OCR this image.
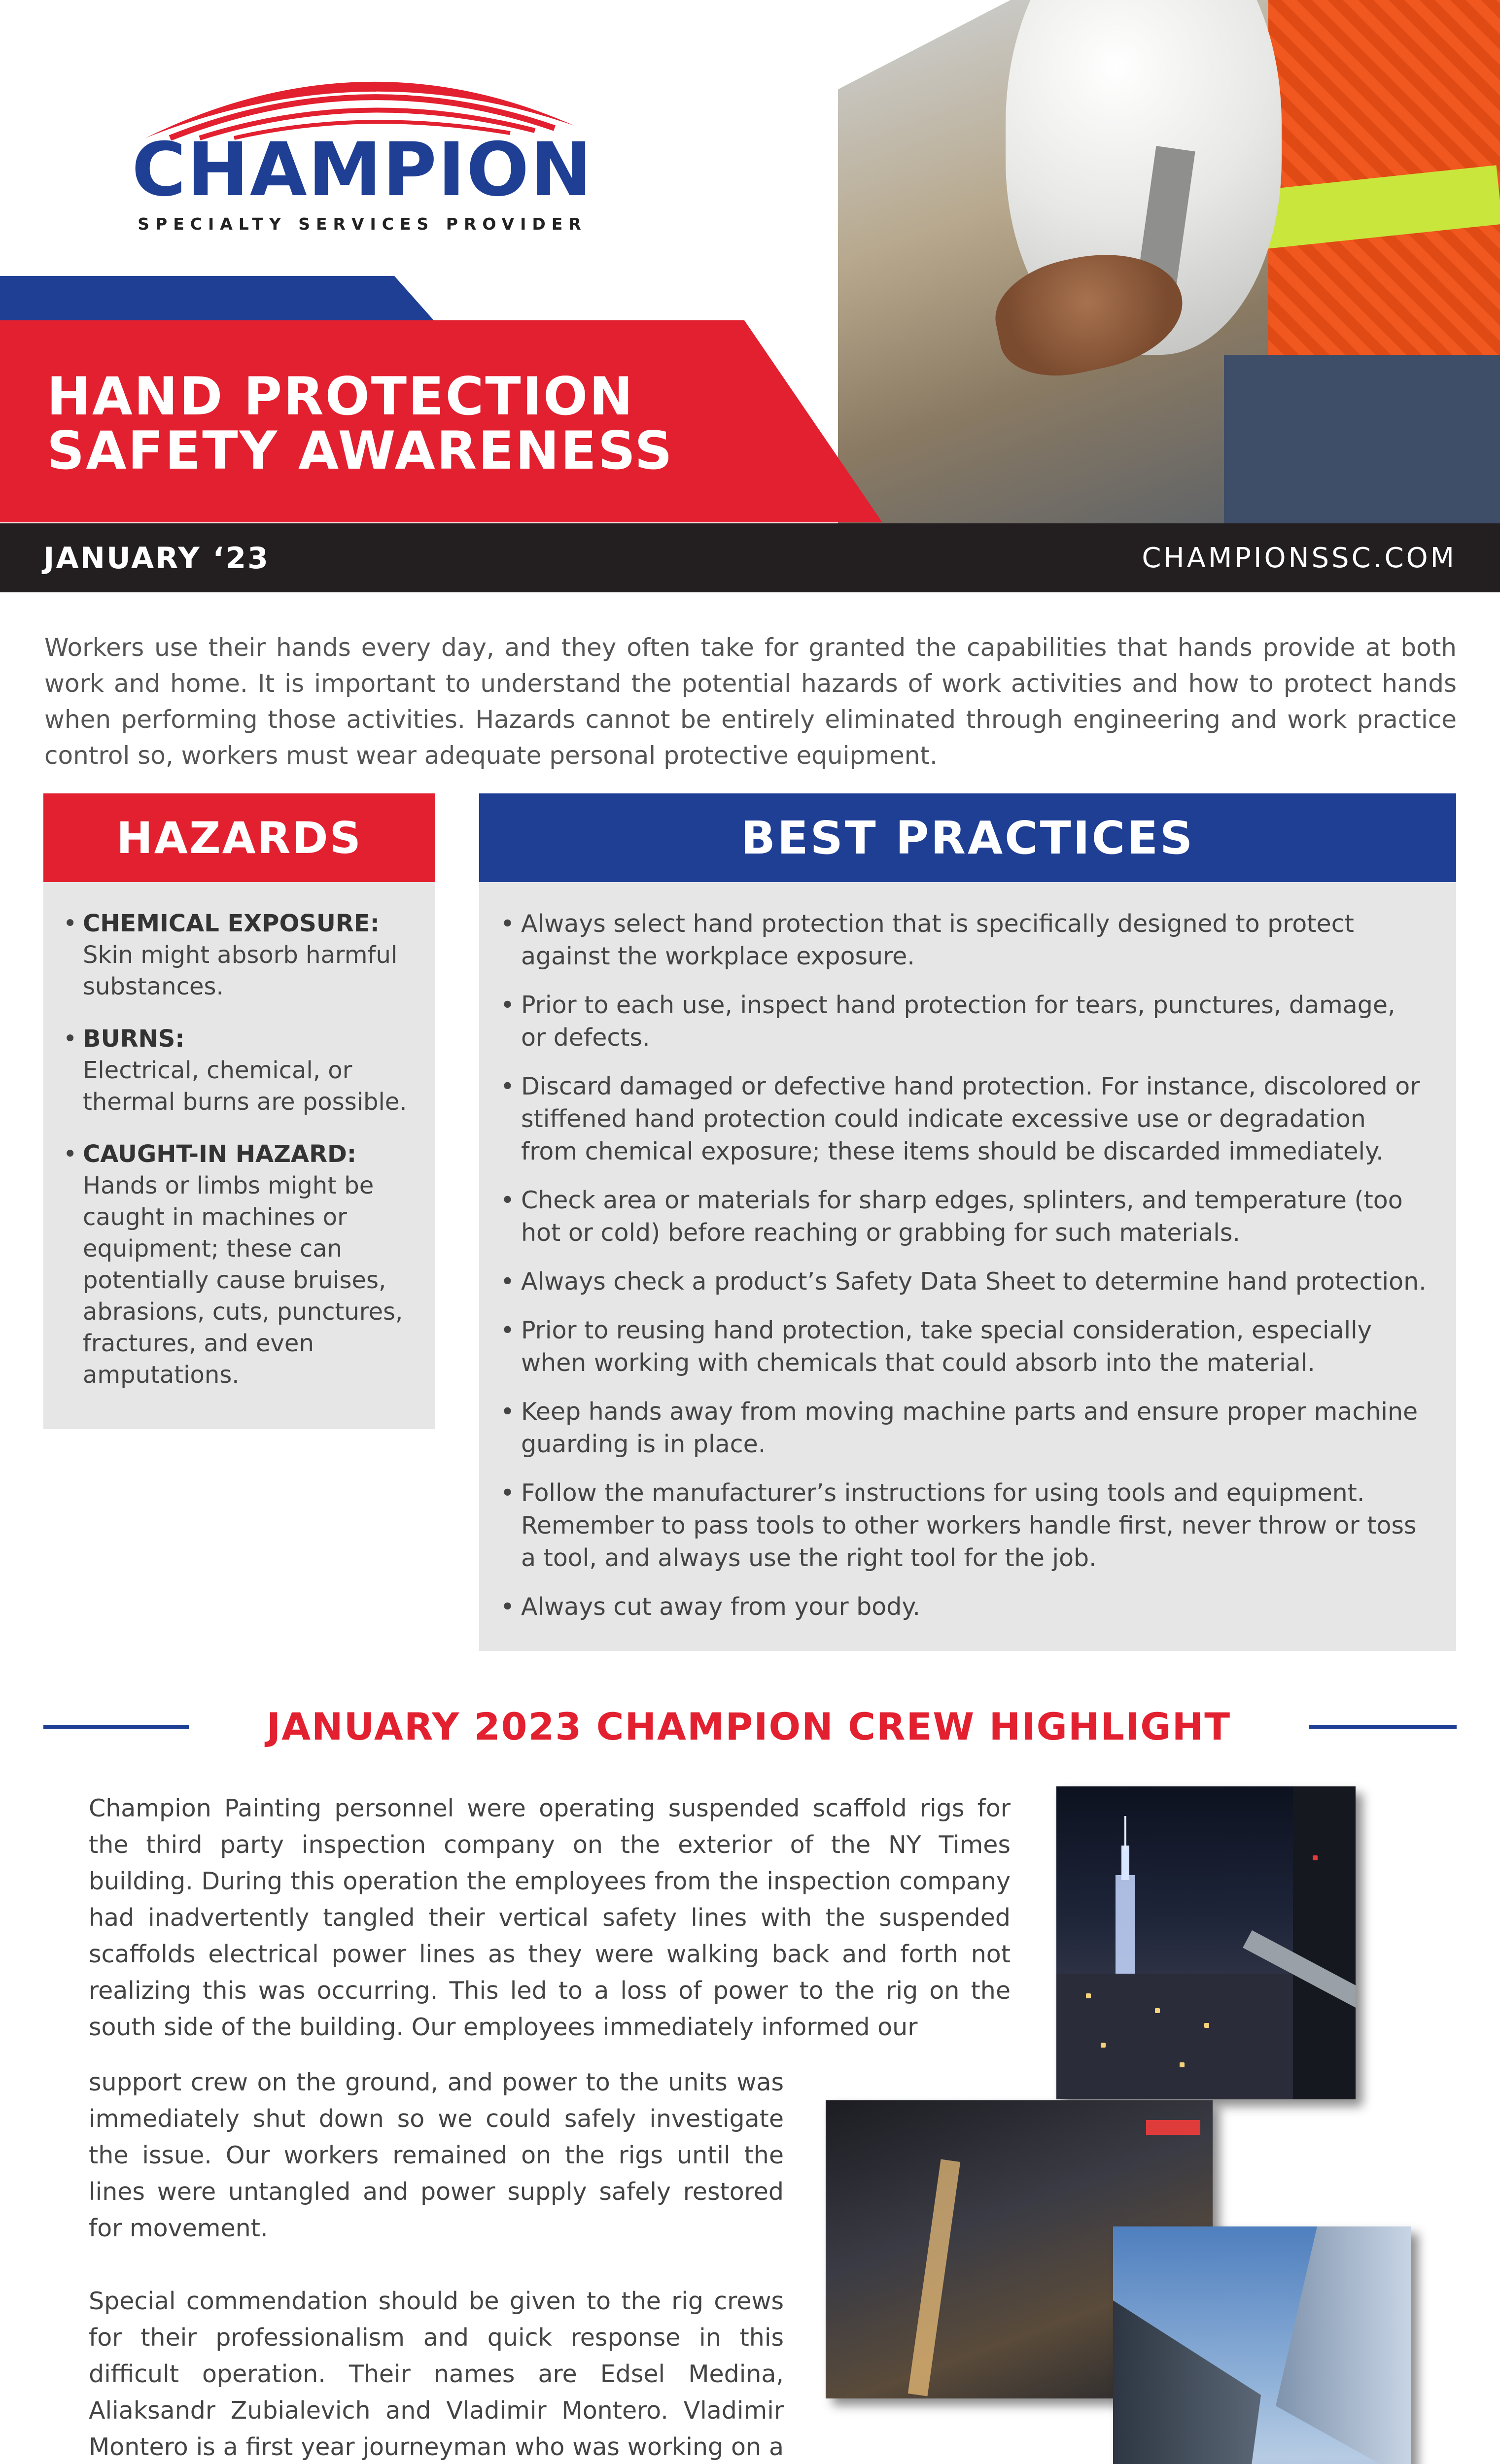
CHAMPION
SPECIALTY SERVICES PROVIDER
HAND PROTECTION
SAFETY AWARENESS
JANUARY ‘23	CHAMPIONSSC.COM

Workers use their hands every day, and they often take for granted the capabilities that hands provide at both work and home. It is important to understand the potential hazards of work activities and how to protect hands when performing those activities. Hazards cannot be entirely eliminated through engineering and work practice control so, workers must wear adequate personal protective equipment.

HAZARDS
• CHEMICAL EXPOSURE:
Skin might absorb harmful substances.
• BURNS:
Electrical, chemical, or thermal burns are possible.
• CAUGHT-IN HAZARD:
Hands or limbs might be caught in machines or equipment; these can potentially cause bruises, abrasions, cuts, punctures, fractures, and even amputations.
BEST PRACTICES
• Always select hand protection that is specifically designed to protect against the workplace exposure.
• Prior to each use, inspect hand protection for tears, punctures, damage, or defects.
• Discard damaged or defective hand protection. For instance, discolored or stiffened hand protection could indicate excessive use or degradation from chemical exposure; these items should be discarded immediately.
• Check area or materials for sharp edges, splinters, and temperature (too hot or cold) before reaching or grabbing for such materials.
• Always check a product’s Safety Data Sheet to determine hand protection.
• Prior to reusing hand protection, take special consideration, especially when working with chemicals that could absorb into the material.
• Keep hands away from moving machine parts and ensure proper machine guarding is in place.
• Follow the manufacturer’s instructions for using tools and equipment. Remember to pass tools to other workers handle first, never throw or toss a tool, and always use the right tool for the job.
• Always cut away from your body.
JANUARY 2023 CHAMPION CREW HIGHLIGHT

Champion Painting personnel were operating suspended scaffold rigs for the third party inspection company on the exterior of the NY Times building. During this operation the employees from the inspection company had inadvertently tangled their vertical safety lines with the suspended scaffolds electrical power lines as they were walking back and forth not realizing this was occurring. This led to a loss of power to the rig on the south side of the building. Our employees immediately informed our

support crew on the ground, and power to the units was immediately shut down so we could safely investigate the issue. Our workers remained on the rigs until the lines were untangled and power supply safely restored for movement.

Special commendation should be given to the rig crews for their professionalism and quick response in this difficult operation. Their names are Edsel Medina, Aliaksandr Zubialevich and Vladimir Montero. Vladimir Montero is a first year journeyman who was working on a
